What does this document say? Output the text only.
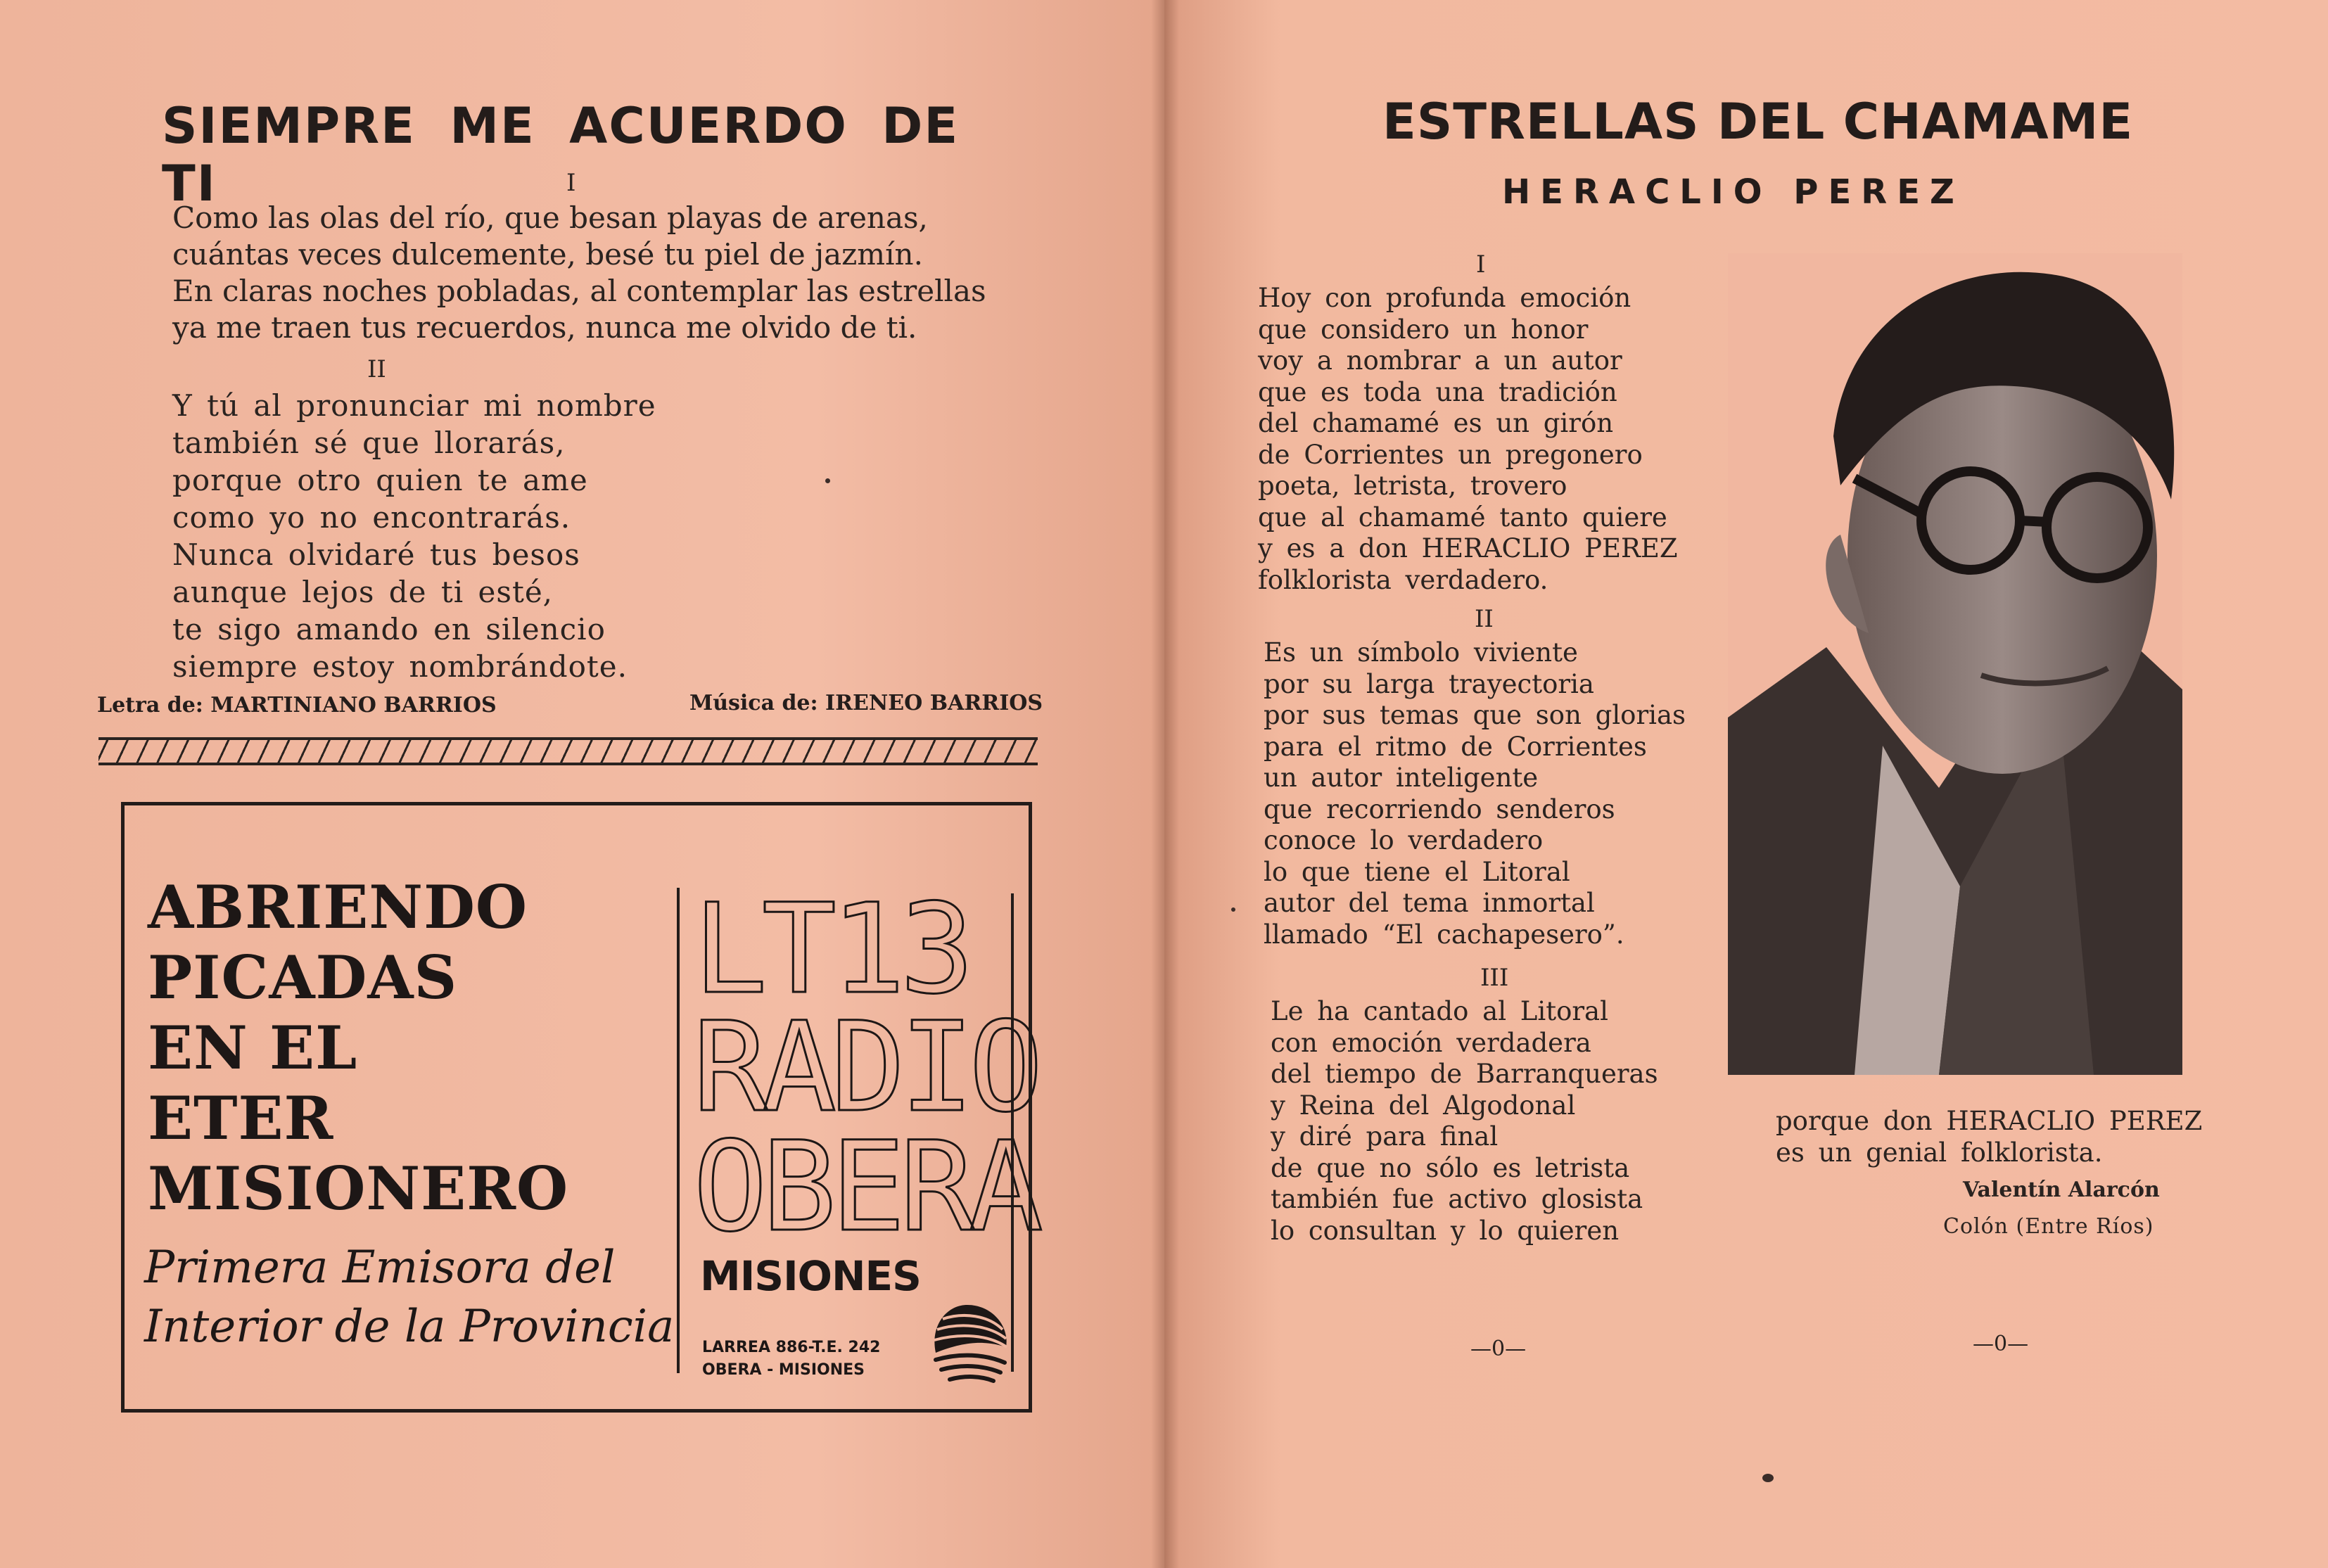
SIEMPRE ME ACUERDO DE TI	I
Como las olas del río, que besan playas de arenas,
cuántas veces dulcemente, besé tu piel de jazmín.
En claras noches pobladas, al contemplar las estrellas
ya me traen tus recuerdos, nunca me olvido de ti.
II
Y tú al pronunciar mi nombre
también sé que llorarás,
porque otro quien te ame
como yo no encontrarás.
Nunca olvidaré tus besos
aunque lejos de ti esté,
te sigo amando en silencio
siempre estoy nombrándote.
Letra de: MARTINIANO BARRIOS	Música de: IRENEO BARRIOS
ABRIENDO
PICADAS
EN EL
ETER
MISIONERO

Primera Emisora del
Interior de la Provincia

LT13
RADIO
OBERA
MISIONES
LARREA 886-T.E. 242
OBERA - MISIONES
ESTRELLAS DEL CHAMAME
HERACLIO PEREZ
I
Hoy con profunda emoción
que considero un honor
voy a nombrar a un autor
que es toda una tradición
del chamamé es un girón
de Corrientes un pregonero
poeta, letrista, trovero
que al chamamé tanto quiere
y es a don HERACLIO PEREZ
folklorista verdadero.
II
Es un símbolo viviente
por su larga trayectoria
por sus temas que son glorias
para el ritmo de Corrientes
un autor inteligente
que recorriendo senderos
conoce lo verdadero
lo que tiene el Litoral
autor del tema inmortal
llamado “El cachapesero”.
III
Le ha cantado al Litoral
con emoción verdadera
del tiempo de Barranqueras
y Reina del Algodonal
y diré para final
de que no sólo es letrista
también fue activo glosista
lo consultan y lo quieren
porque don HERACLIO PEREZ
es un genial folklorista.
Valentín Alarcón
Colón (Entre Ríos)
—0—	—0—
